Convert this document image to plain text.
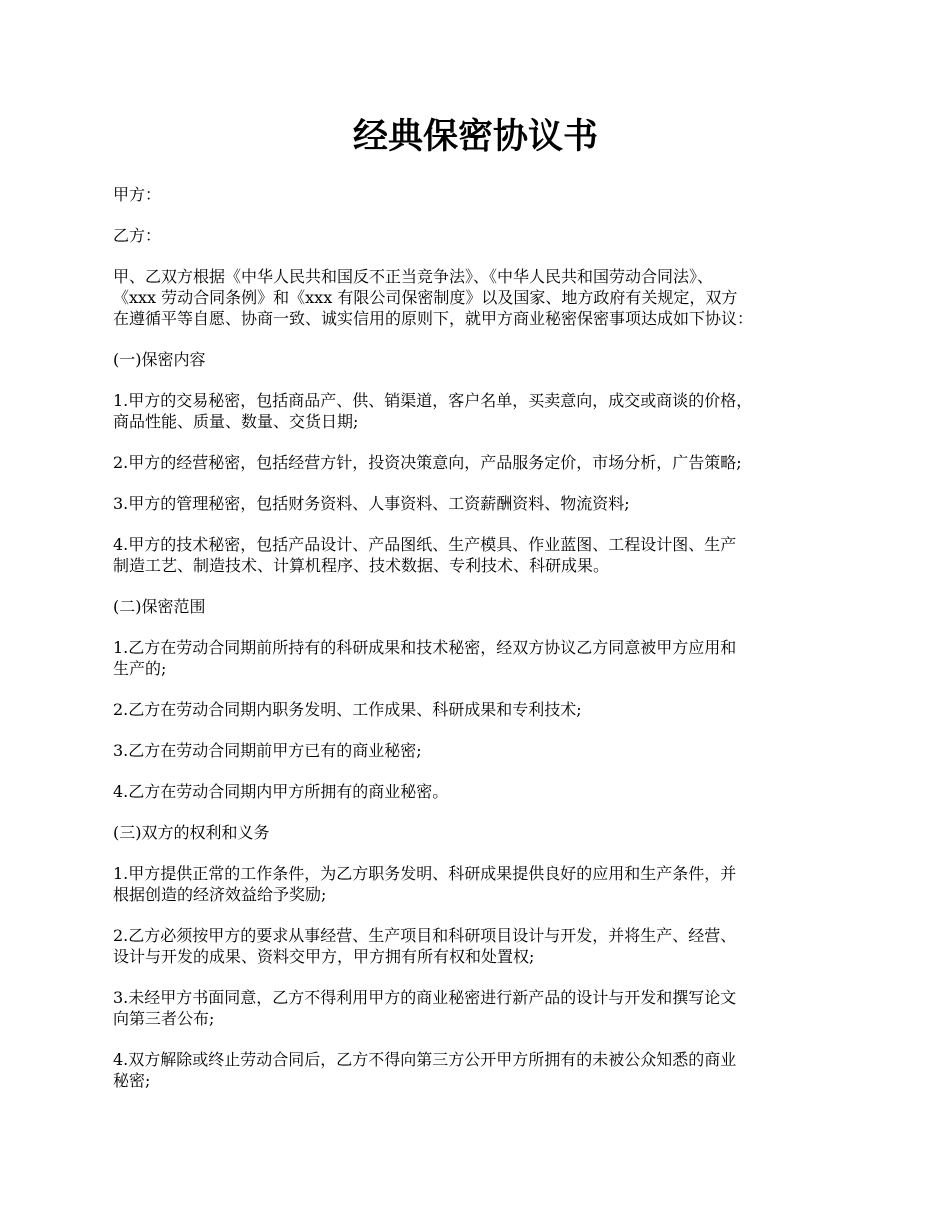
经典保密协议书

甲方：

乙方：

甲、乙双方根据《中华人民共和国反不正当竞争法》、《中华人民共和国劳动合同法》、
《xxx 劳动合同条例》和《xxx 有限公司保密制度》以及国家、地方政府有关规定，双方
在遵循平等自愿、协商一致、诚实信用的原则下，就甲方商业秘密保密事项达成如下协议：

(一)保密内容

1.甲方的交易秘密，包括商品产、供、销渠道，客户名单，买卖意向，成交或商谈的价格，
商品性能、质量、数量、交货日期;

2.甲方的经营秘密，包括经营方针，投资决策意向，产品服务定价，市场分析，广告策略;

3.甲方的管理秘密，包括财务资料、人事资料、工资薪酬资料、物流资料;

4.甲方的技术秘密，包括产品设计、产品图纸、生产模具、作业蓝图、工程设计图、生产
制造工艺、制造技术、计算机程序、技术数据、专利技术、科研成果。

(二)保密范围

1.乙方在劳动合同期前所持有的科研成果和技术秘密，经双方协议乙方同意被甲方应用和
生产的;

2.乙方在劳动合同期内职务发明、工作成果、科研成果和专利技术;

3.乙方在劳动合同期前甲方已有的商业秘密;

4.乙方在劳动合同期内甲方所拥有的商业秘密。

(三)双方的权利和义务

1.甲方提供正常的工作条件，为乙方职务发明、科研成果提供良好的应用和生产条件，并
根据创造的经济效益给予奖励;

2.乙方必须按甲方的要求从事经营、生产项目和科研项目设计与开发，并将生产、经营、
设计与开发的成果、资料交甲方，甲方拥有所有权和处置权;

3.未经甲方书面同意，乙方不得利用甲方的商业秘密进行新产品的设计与开发和撰写论文
向第三者公布;

4.双方解除或终止劳动合同后，乙方不得向第三方公开甲方所拥有的未被公众知悉的商业
秘密;
